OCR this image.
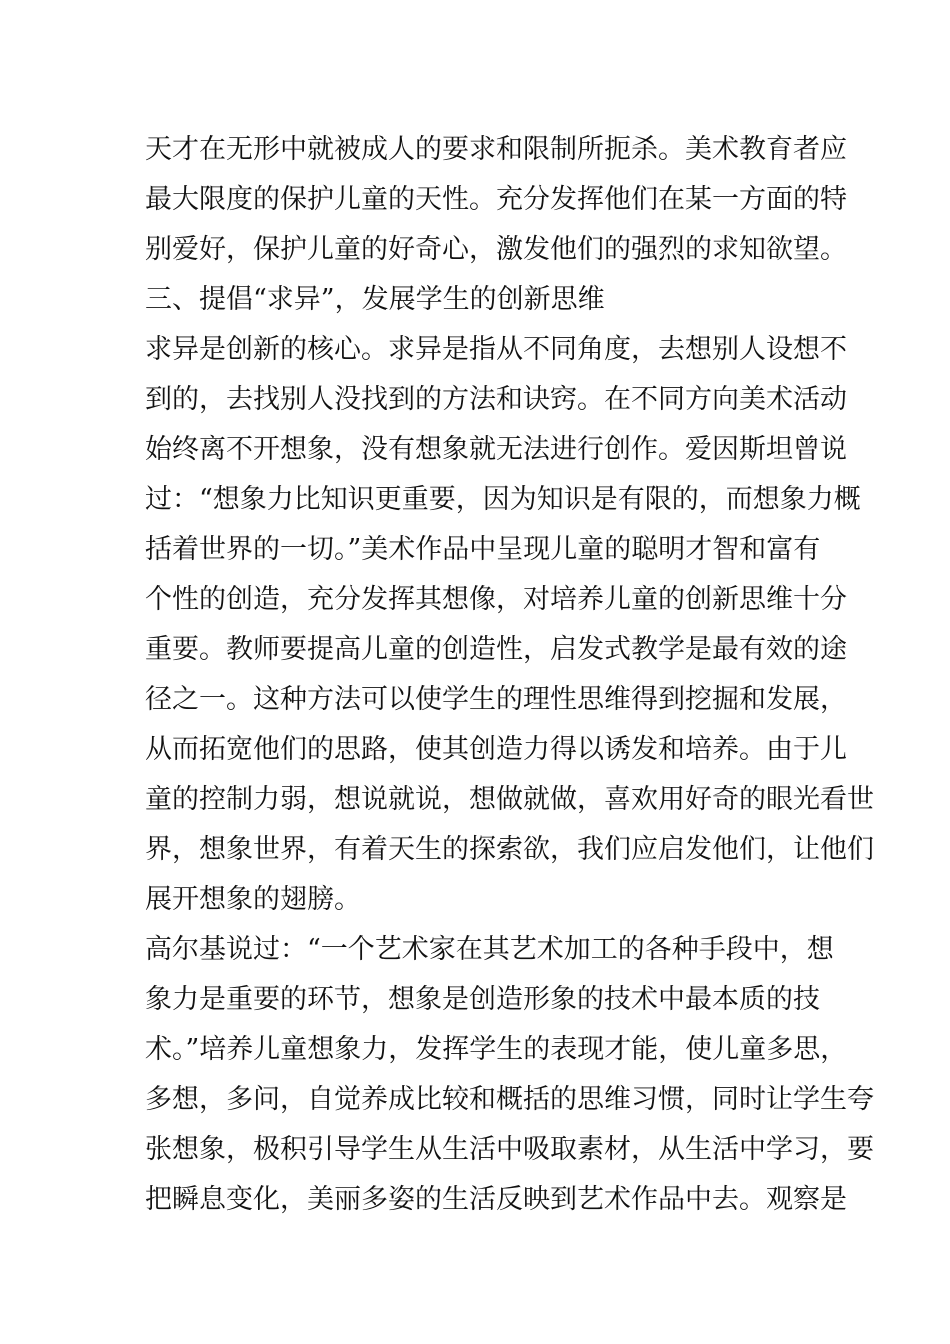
天才在无形中就被成人的要求和限制所扼杀。美术教育者应
最大限度的保护儿童的天性。充分发挥他们在某一方面的特
别爱好，保护儿童的好奇心，激发他们的强烈的求知欲望。
三、提倡“求异”，发展学生的创新思维
求异是创新的核心。求异是指从不同角度，去想别人设想不
到的，去找别人没找到的方法和诀窍。在不同方向美术活动
始终离不开想象，没有想象就无法进行创作。爱因斯坦曾说
过：“想象力比知识更重要，因为知识是有限的，而想象力概
括着世界的一切。”美术作品中呈现儿童的聪明才智和富有
个性的创造，充分发挥其想像，对培养儿童的创新思维十分
重要。教师要提高儿童的创造性，启发式教学是最有效的途
径之一。这种方法可以使学生的理性思维得到挖掘和发展，
从而拓宽他们的思路，使其创造力得以诱发和培养。由于儿
童的控制力弱，想说就说，想做就做，喜欢用好奇的眼光看世
界，想象世界，有着天生的探索欲，我们应启发他们，让他们
展开想象的翅膀。
高尔基说过：“一个艺术家在其艺术加工的各种手段中，想
象力是重要的环节，想象是创造形象的技术中最本质的技
术。”培养儿童想象力，发挥学生的表现才能，使儿童多思，
多想，多问，自觉养成比较和概括的思维习惯，同时让学生夸
张想象，极积引导学生从生活中吸取素材，从生活中学习，要
把瞬息变化，美丽多姿的生活反映到艺术作品中去。观察是
